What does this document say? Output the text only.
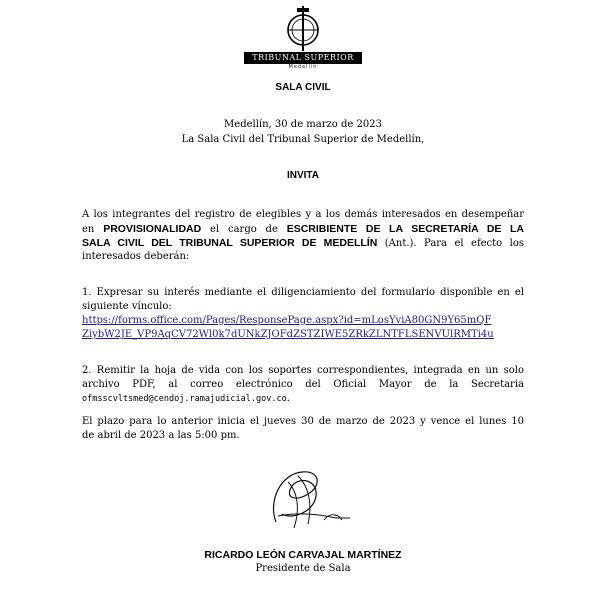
TRIBUNAL SUPERIOR
Medellín
SALA CIVIL
Medellín, 30 de marzo de 2023
La Sala Civil del Tribunal Superior de Medellín,
INVITA
A los integrantes del registro de elegibles y a los demás interesados en desempeñar
en PROVISIONALIDAD el cargo de ESCRIBIENTE DE LA SECRETARÍA DE LA
SALA CIVIL DEL TRIBUNAL SUPERIOR DE MEDELLÍN (Ant.). Para el efecto los
interesados deberán:
1. Expresar su interés mediante el diligenciamiento del formulario disponible en el
siguiente vínculo:
https://forms.office.com/Pages/ResponsePage.aspx?id=mLosYviA80GN9Y65mQF
ZiybW2JE_VP9AqCV72Wl0k7dUNkZJOFdZSTZIWE5ZRkZLNTFLSENVUlRMTi4u
2. Remitir la hoja de vida con los soportes correspondientes, integrada en un solo
archivo PDF, al correo electrónico del Oficial Mayor de la Secretaria
ofmsscvltsmed@cendoj.ramajudicial.gov.co.
El plazo para lo anterior inicia el jueves 30 de marzo de 2023 y vence el lunes 10
de abril de 2023 a las 5:00 pm.
RICARDO LEÓN CARVAJAL MARTÍNEZ
Presidente de Sala
